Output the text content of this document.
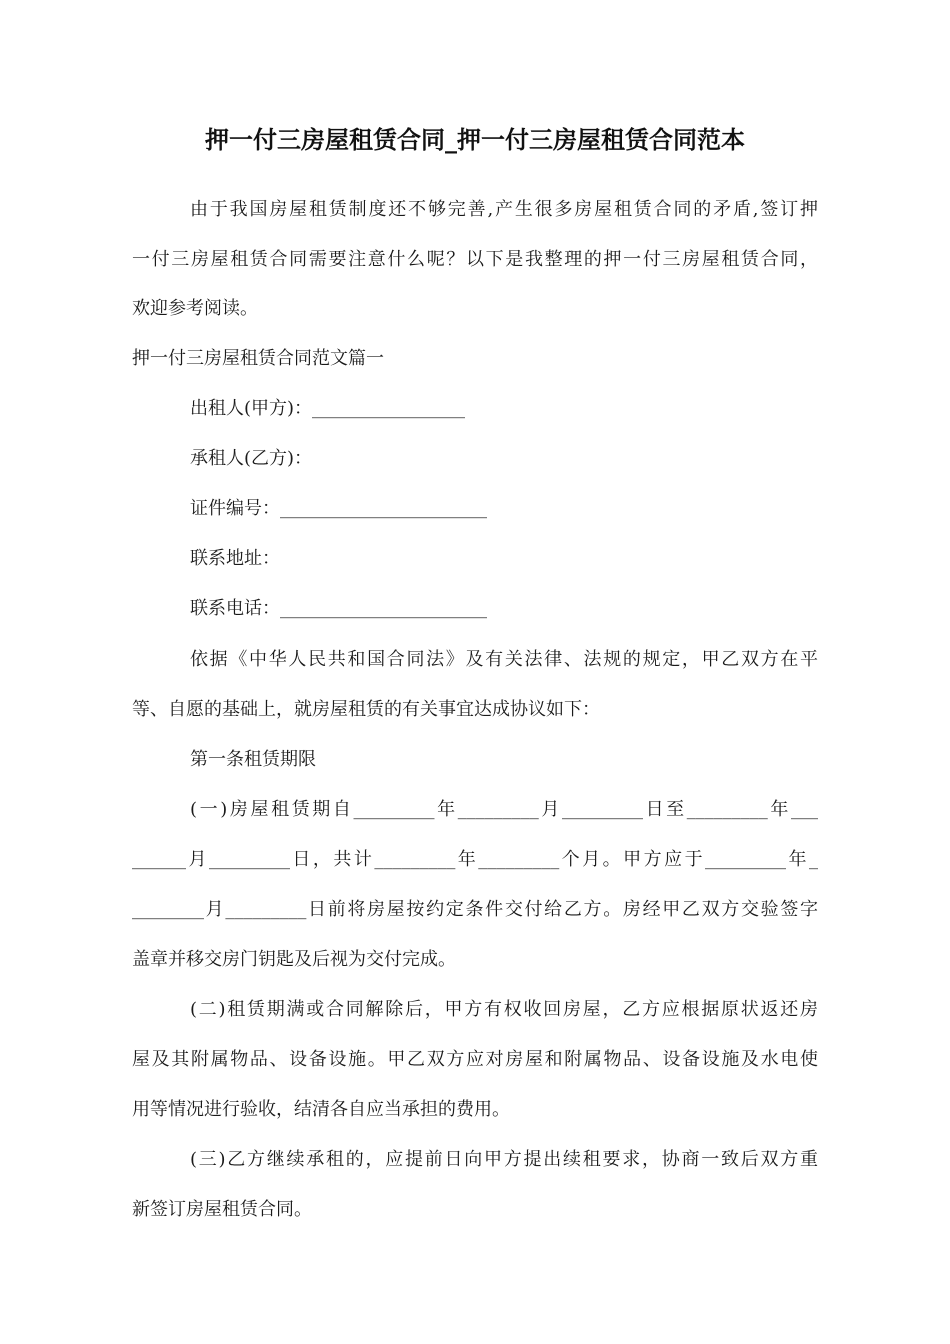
押一付三房屋租赁合同_押一付三房屋租赁合同范本
由于我国房屋租赁制度还不够完善,产生很多房屋租赁合同的矛盾,签订押
一付三房屋租赁合同需要注意什么呢？以下是我整理的押一付三房屋租赁合同，
欢迎参考阅读。
押一付三房屋租赁合同范文篇一
出租人(甲方)：_________________
承租人(乙方)：
证件编号：_______________________
联系地址：
联系电话：_______________________
依据《中华人民共和国合同法》及有关法律、法规的规定，甲乙双方在平
等、自愿的基础上，就房屋租赁的有关事宜达成协议如下：
第一条租赁期限
(一)房屋租赁期自_________年_________月_________日至_________年___
______月_________日，共计_________年_________个月。甲方应于_________年_
________月_________日前将房屋按约定条件交付给乙方。房经甲乙双方交验签字
盖章并移交房门钥匙及后视为交付完成。
(二)租赁期满或合同解除后，甲方有权收回房屋，乙方应根据原状返还房
屋及其附属物品、设备设施。甲乙双方应对房屋和附属物品、设备设施及水电使
用等情况进行验收，结清各自应当承担的费用。
(三)乙方继续承租的，应提前日向甲方提出续租要求，协商一致后双方重
新签订房屋租赁合同。
